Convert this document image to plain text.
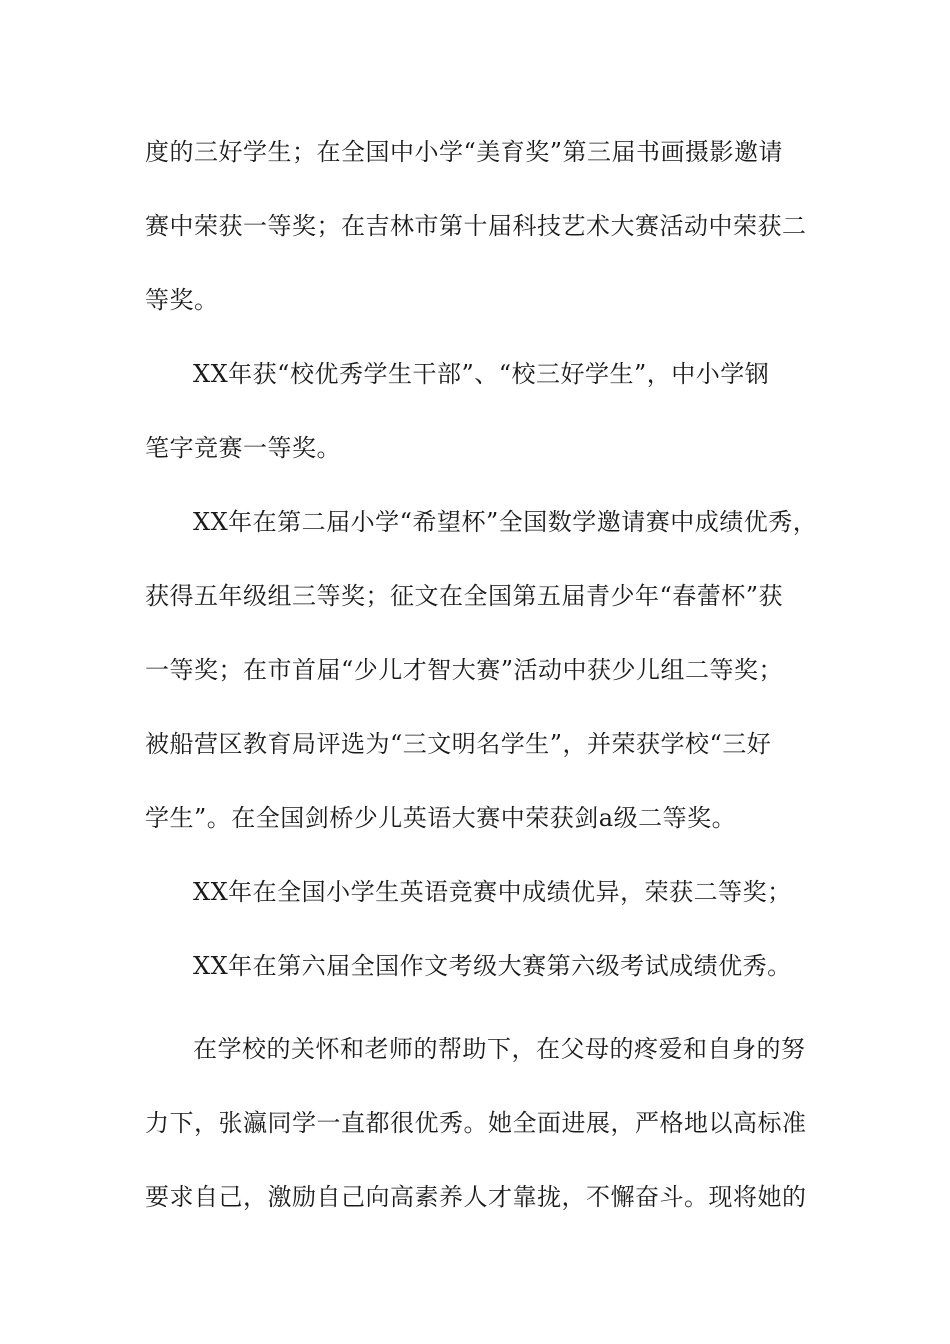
度的三好学生；在全国中小学“美育奖”第三届书画摄影邀请

赛中荣获一等奖；在吉林市第十届科技艺术大赛活动中荣获二

等奖。

XX年获“校优秀学生干部”、“校三好学生”，中小学钢

笔字竞赛一等奖。

XX年在第二届小学“希望杯”全国数学邀请赛中成绩优秀，

获得五年级组三等奖；征文在全国第五届青少年“春蕾杯”获

一等奖；在市首届“少儿才智大赛”活动中获少儿组二等奖；

被船营区教育局评选为“三文明名学生”，并荣获学校“三好

学生”。在全国剑桥少儿英语大赛中荣获剑a级二等奖。

XX年在全国小学生英语竞赛中成绩优异，荣获二等奖；

XX年在第六届全国作文考级大赛第六级考试成绩优秀。

在学校的关怀和老师的帮助下，在父母的疼爱和自身的努

力下，张瀛同学一直都很优秀。她全面进展，严格地以高标准

要求自己，激励自己向高素养人才靠拢，不懈奋斗。现将她的
